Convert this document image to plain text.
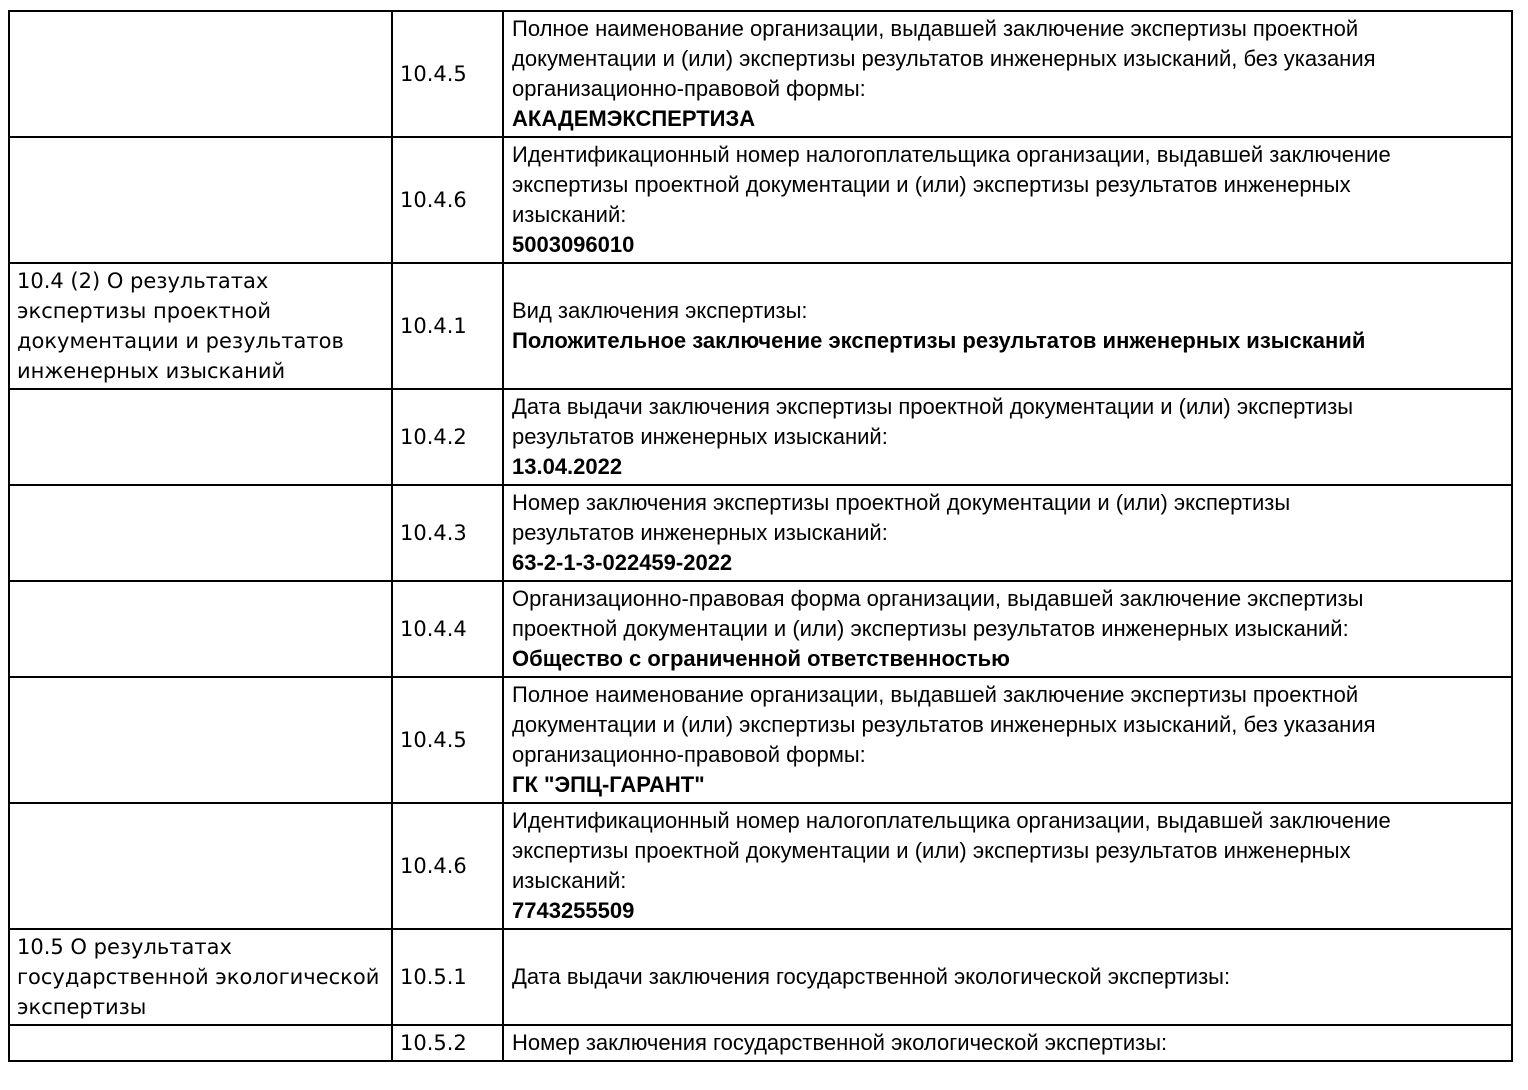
	10.4.5	Полное наименование организации, выдавшей заключение экспертизы проектной документации и (или) экспертизы результатов инженерных изысканий, без указания организационно-правовой формы:
АКАДЕМЭКСПЕРТИЗА

	10.4.6	Идентификационный номер налогоплательщика организации, выдавшей заключение экспертизы проектной документации и (или) экспертизы результатов инженерных изысканий:
5003096010

10.4 (2) О результатах экспертизы проектной документации и результатов инженерных изысканий	10.4.1	Вид заключения экспертизы:
Положительное заключение экспертизы результатов инженерных изысканий

	10.4.2	Дата выдачи заключения экспертизы проектной документации и (или) экспертизы результатов инженерных изысканий:
13.04.2022

	10.4.3	Номер заключения экспертизы проектной документации и (или) экспертизы результатов инженерных изысканий:
63-2-1-3-022459-2022

	10.4.4	Организационно-правовая форма организации, выдавшей заключение экспертизы проектной документации и (или) экспертизы результатов инженерных изысканий:
Общество с ограниченной ответственностью

	10.4.5	Полное наименование организации, выдавшей заключение экспертизы проектной документации и (или) экспертизы результатов инженерных изысканий, без указания организационно-правовой формы:
ГК "ЭПЦ-ГАРАНТ"

	10.4.6	Идентификационный номер налогоплательщика организации, выдавшей заключение экспертизы проектной документации и (или) экспертизы результатов инженерных изысканий:
7743255509

10.5 О результатах государственной экологической экспертизы	10.5.1	Дата выдачи заключения государственной экологической экспертизы:

	10.5.2	Номер заключения государственной экологической экспертизы:
